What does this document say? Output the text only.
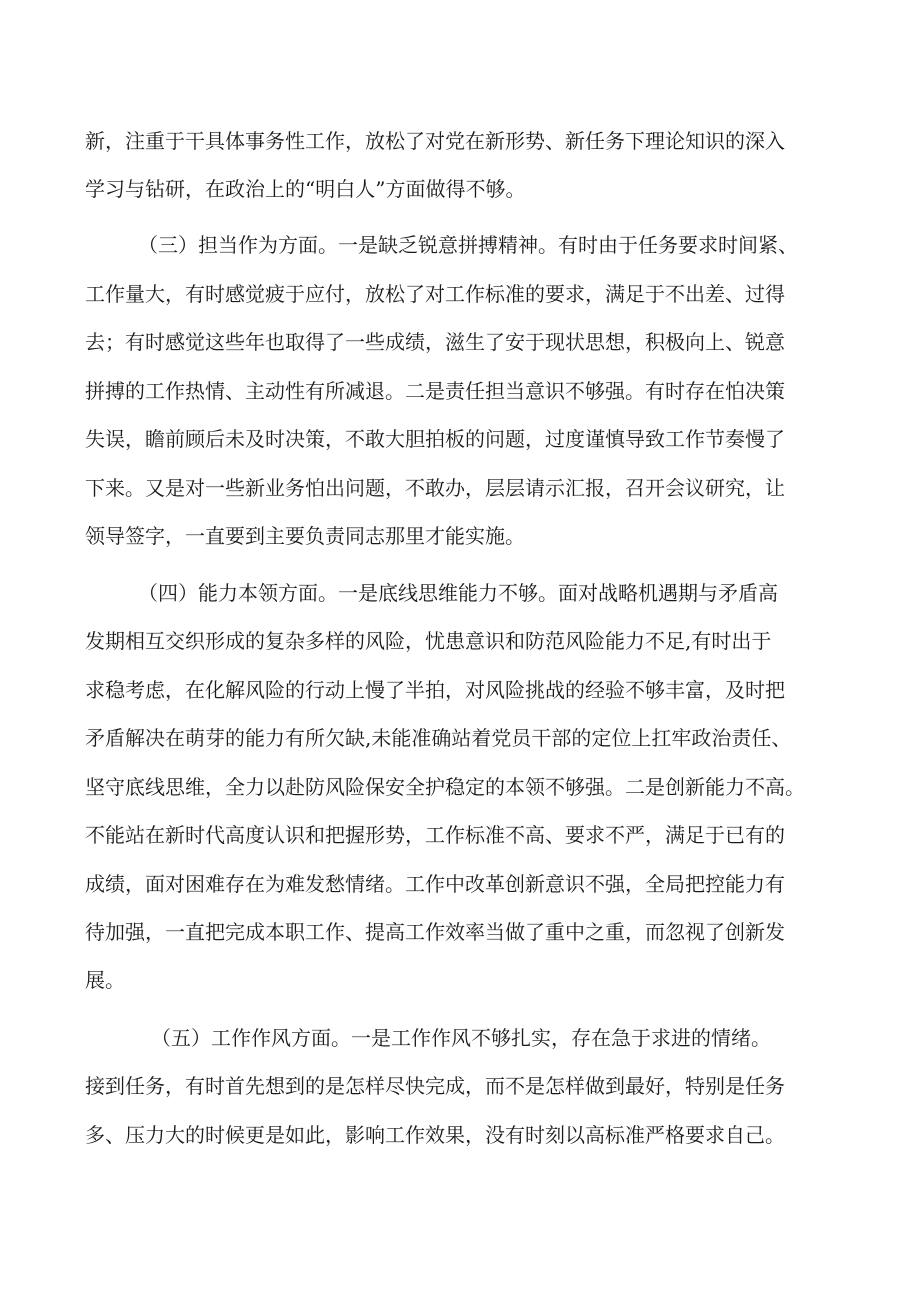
新，注重于干具体事务性工作，放松了对党在新形势、新任务下理论知识的深入
学习与钻研，在政治上的“明白人”方面做得不够。
（三）担当作为方面。一是缺乏锐意拼搏精神。有时由于任务要求时间紧、
工作量大，有时感觉疲于应付，放松了对工作标准的要求，满足于不出差、过得
去；有时感觉这些年也取得了一些成绩，滋生了安于现状思想，积极向上、锐意
拼搏的工作热情、主动性有所减退。二是责任担当意识不够强。有时存在怕决策
失误，瞻前顾后未及时决策，不敢大胆拍板的问题，过度谨慎导致工作节奏慢了
下来。又是对一些新业务怕出问题，不敢办，层层请示汇报，召开会议研究，让
领导签字，一直要到主要负责同志那里才能实施。
（四）能力本领方面。一是底线思维能力不够。面对战略机遇期与矛盾高
发期相互交织形成的复杂多样的风险，忧患意识和防范风险能力不足,有时出于
求稳考虑，在化解风险的行动上慢了半拍，对风险挑战的经验不够丰富，及时把
矛盾解决在萌芽的能力有所欠缺,未能准确站着党员干部的定位上扛牢政治责任、
坚守底线思维，全力以赴防风险保安全护稳定的本领不够强。二是创新能力不高。
不能站在新时代高度认识和把握形势，工作标准不高、要求不严，满足于已有的
成绩，面对困难存在为难发愁情绪。工作中改革创新意识不强，全局把控能力有
待加强，一直把完成本职工作、提高工作效率当做了重中之重，而忽视了创新发
展。
（五）工作作风方面。一是工作作风不够扎实，存在急于求进的情绪。
接到任务，有时首先想到的是怎样尽快完成，而不是怎样做到最好，特别是任务
多、压力大的时候更是如此，影响工作效果，没有时刻以高标准严格要求自己。
